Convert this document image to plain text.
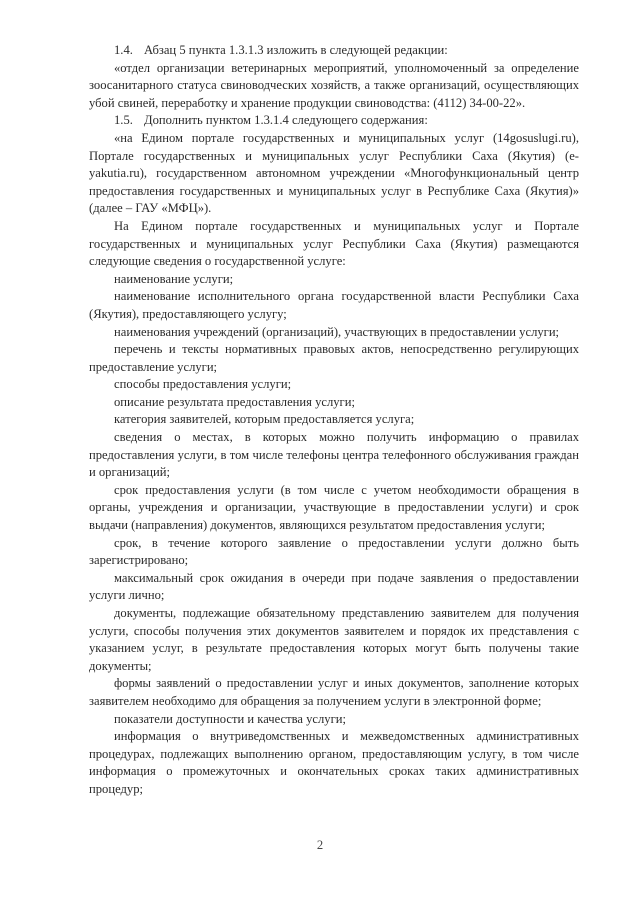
1.4. Абзац 5 пункта 1.3.1.3 изложить в следующей редакции:

«отдел организации ветеринарных мероприятий, уполномоченный за определение зоосанитарного статуса свиноводческих хозяйств, а также организаций, осуществляющих убой свиней, переработку и хранение продукции свиноводства: (4112) 34-00-22».

1.5. Дополнить пунктом 1.3.1.4 следующего содержания:

«на Едином портале государственных и муниципальных услуг (14gosuslugi.ru), Портале государственных и муниципальных услуг Республики Саха (Якутия) (e-yakutia.ru), государственном автономном учреждении «Многофункциональный центр предоставления государственных и муниципальных услуг в Республике Саха (Якутия)» (далее – ГАУ «МФЦ»).

На Едином портале государственных и муниципальных услуг и Портале государственных и муниципальных услуг Республики Саха (Якутия) размещаются следующие сведения о государственной услуге:

наименование услуги;

наименование исполнительного органа государственной власти Республики Саха (Якутия), предоставляющего услугу;

наименования учреждений (организаций), участвующих в предоставлении услуги;

перечень и тексты нормативных правовых актов, непосредственно регулирующих предоставление услуги;

способы предоставления услуги;

описание результата предоставления услуги;

категория заявителей, которым предоставляется услуга;

сведения о местах, в которых можно получить информацию о правилах предоставления услуги, в том числе телефоны центра телефонного обслуживания граждан и организаций;

срок предоставления услуги (в том числе с учетом необходимости обращения в органы, учреждения и организации, участвующие в предоставлении услуги) и срок выдачи (направления) документов, являющихся результатом предоставления услуги;

срок, в течение которого заявление о предоставлении услуги должно быть зарегистрировано;

максимальный срок ожидания в очереди при подаче заявления о предоставлении услуги лично;

документы, подлежащие обязательному представлению заявителем для получения услуги, способы получения этих документов заявителем и порядок их представления с указанием услуг, в результате предоставления которых могут быть получены такие документы;

формы заявлений о предоставлении услуг и иных документов, заполнение которых заявителем необходимо для обращения за получением услуги в электронной форме;

показатели доступности и качества услуги;

информация о внутриведомственных и межведомственных административных процедурах, подлежащих выполнению органом, предоставляющим услугу, в том числе информация о промежуточных и окончательных сроках таких административных процедур;

2
